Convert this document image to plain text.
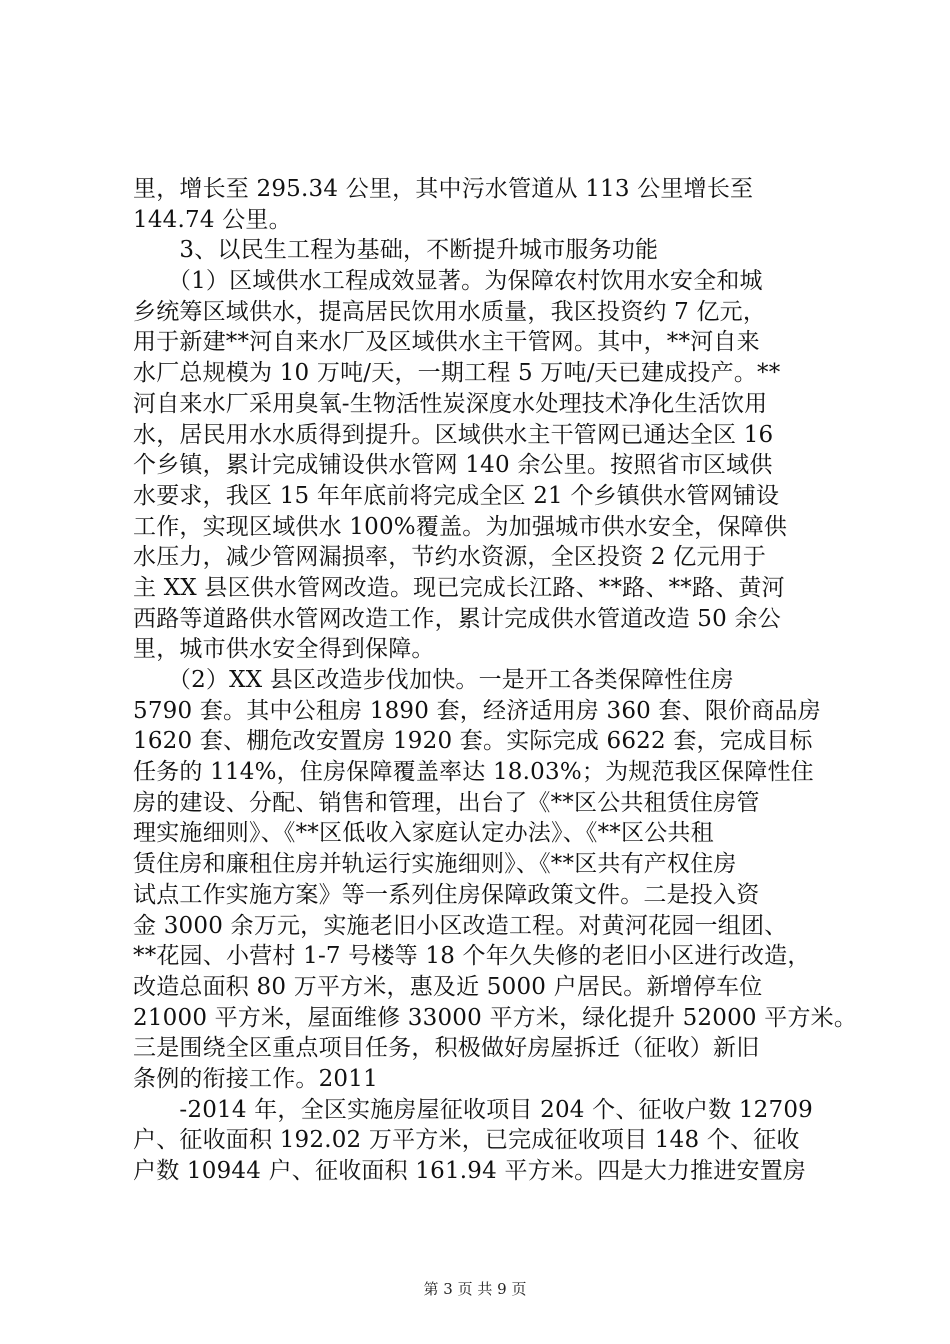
里，增长至 295.34 公里，其中污水管道从 113 公里增长至
144.74 公里。
　　3、以民生工程为基础，不断提升城市服务功能
　　（1）区域供水工程成效显著。为保障农村饮用水安全和城
乡统筹区域供水，提高居民饮用水质量，我区投资约 7 亿元，
用于新建**河自来水厂及区域供水主干管网。其中，**河自来
水厂总规模为 10 万吨/天，一期工程 5 万吨/天已建成投产。**
河自来水厂采用臭氧-生物活性炭深度水处理技术净化生活饮用
水，居民用水水质得到提升。区域供水主干管网已通达全区 16
个乡镇，累计完成铺设供水管网 140 余公里。按照省市区域供
水要求，我区 15 年年底前将完成全区 21 个乡镇供水管网铺设
工作，实现区域供水 100%覆盖。为加强城市供水安全，保障供
水压力，减少管网漏损率，节约水资源，全区投资 2 亿元用于
主 XX 县区供水管网改造。现已完成长江路、**路、**路、黄河
西路等道路供水管网改造工作，累计完成供水管道改造 50 余公
里，城市供水安全得到保障。
　　（2）XX 县区改造步伐加快。一是开工各类保障性住房
5790 套。其中公租房 1890 套，经济适用房 360 套、限价商品房
1620 套、棚危改安置房 1920 套。实际完成 6622 套，完成目标
任务的 114%，住房保障覆盖率达 18.03%；为规范我区保障性住
房的建设、分配、销售和管理，出台了《**区公共租赁住房管
理实施细则》、《**区低收入家庭认定办法》、《**区公共租
赁住房和廉租住房并轨运行实施细则》、《**区共有产权住房
试点工作实施方案》等一系列住房保障政策文件。二是投入资
金 3000 余万元，实施老旧小区改造工程。对黄河花园一组团、
**花园、小营村 1-7 号楼等 18 个年久失修的老旧小区进行改造，
改造总面积 80 万平方米，惠及近 5000 户居民。新增停车位
21000 平方米，屋面维修 33000 平方米，绿化提升 52000 平方米。
三是围绕全区重点项目任务，积极做好房屋拆迁（征收）新旧
条例的衔接工作。2011
　　-2014 年，全区实施房屋征收项目 204 个、征收户数 12709
户、征收面积 192.02 万平方米，已完成征收项目 148 个、征收
户数 10944 户、征收面积 161.94 平方米。四是大力推进安置房
第 3 页 共 9 页
